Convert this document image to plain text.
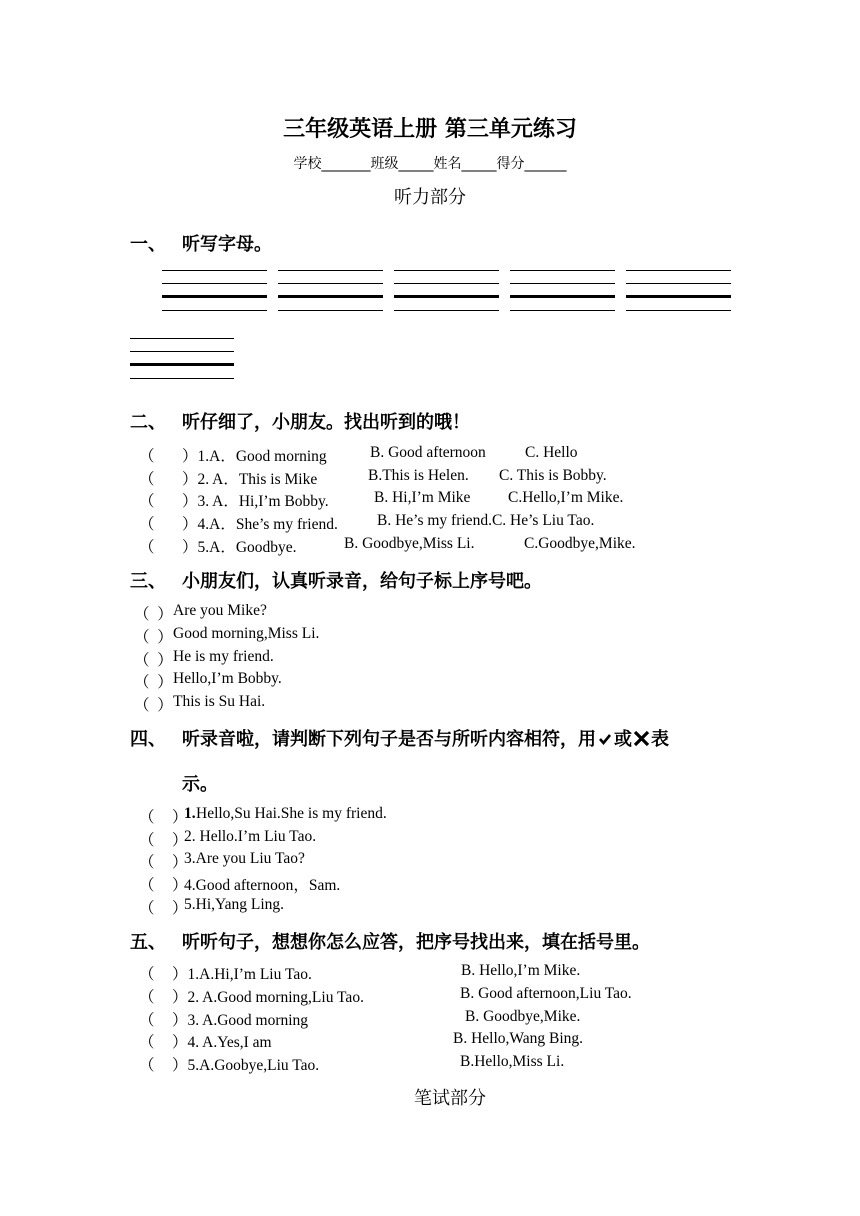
三年级英语上册 第三单元练习
学校_______班级_____姓名_____得分______
听力部分
一、 听写字母。
二、 听仔细了，小朋友。找出听到的哦！
（ ）1.A．Good morning	B. Good afternoon	C. Hello
（ ）2. A．This is Mike	B.This is Helen. C. This is Bobby.
（ ）3. A．Hi,I’m Bobby.	B. Hi,I’m Mike C.Hello,I’m Mike.
（ ）4.A．She’s my friend.	B. He’s my friend.C. He’s Liu Tao.
（ ）5.A．Goodbye.	B. Goodbye,Miss Li.	C.Goodbye,Mike.
三、 小朋友们，认真听录音，给句子标上序号吧。
（  ） Are you Mike?
（  ） Good morning,Miss Li.
（  ） He is my friend.
（  ） Hello,I’m Bobby.
（  ） This is Su Hai.
四、 听录音啦，请判断下列句子是否与所听内容相符，用 或 表
示。
（ ）
1. Hello,Su Hai.She is my friend.
（ ）
2. Hello.I’m Liu Tao.
（ ）
3.Are you Liu Tao?
（ ）
4.Good afternoon，Sam.
（ ）
5.Hi,Yang Ling.
五、 听听句子，想想你怎么应答，把序号找出来，填在括号里。
（ ）1.A.Hi,I’m Liu Tao.	B. Hello,I’m Mike.
（ ）2. A.Good morning,Liu Tao.	B. Good afternoon,Liu Tao.
（ ）3. A.Good morning	B. Goodbye,Mike.
（ ）4. A.Yes,I am	B. Hello,Wang Bing.
（ ）5.A.Goobye,Liu Tao.	B.Hello,Miss Li.
笔试部分
